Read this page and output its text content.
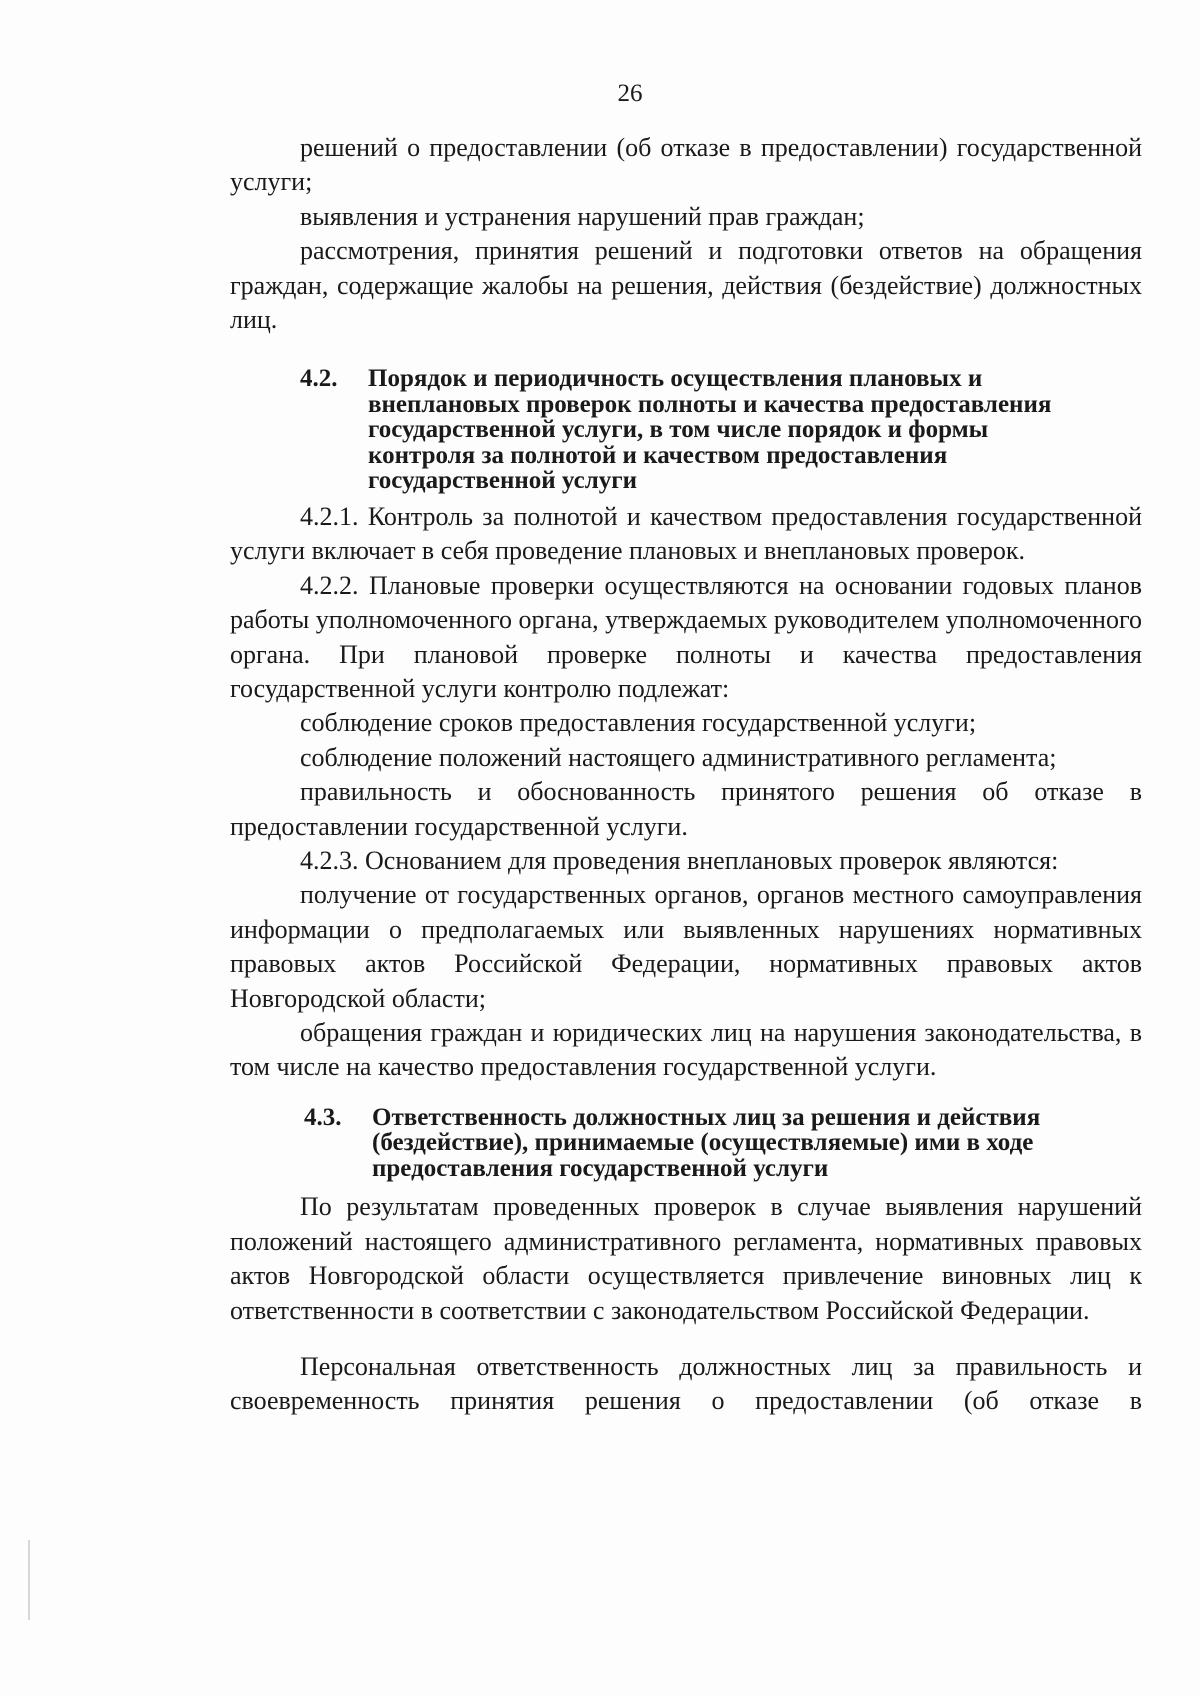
26

решений о предоставлении (об отказе в предоставлении) государственной услуги;

выявления и устранения нарушений прав граждан;

рассмотрения, принятия решений и подготовки ответов на обращения граждан, содержащие жалобы на решения, действия (бездействие) должностных лиц.

4.2.	Порядок и периодичность осуществления плановых и внеплановых проверок полноты и качества предоставления государственной услуги, в том числе порядок и формы контроля за полнотой и качеством предоставления государственной услуги

4.2.1. Контроль за полнотой и качеством предоставления государственной услуги включает в себя проведение плановых и внеплановых проверок.

4.2.2. Плановые проверки осуществляются на основании годовых планов работы уполномоченного органа, утверждаемых руководителем уполномоченного органа. При плановой проверке полноты и качества предоставления государственной услуги контролю подлежат:

соблюдение сроков предоставления государственной услуги;

соблюдение положений настоящего административного регламента;

правильность и обоснованность принятого решения об отказе в предоставлении государственной услуги.

4.2.3. Основанием для проведения внеплановых проверок являются:

получение от государственных органов, органов местного самоуправления информации о предполагаемых или выявленных нарушениях нормативных правовых актов Российской Федерации, нормативных правовых актов Новгородской области;

обращения граждан и юридических лиц на нарушения законодательства, в том числе на качество предоставления государственной услуги.

4.3.	Ответственность должностных лиц за решения и действия (бездействие), принимаемые (осуществляемые) ими в ходе предоставления государственной услуги

По результатам проведенных проверок в случае выявления нарушений положений настоящего административного регламента, нормативных правовых актов Новгородской области осуществляется привлечение виновных лиц к ответственности в соответствии с законодательством Российской Федерации.

Персональная ответственность должностных лиц за правильность и своевременность принятия решения о предоставлении (об отказе в
